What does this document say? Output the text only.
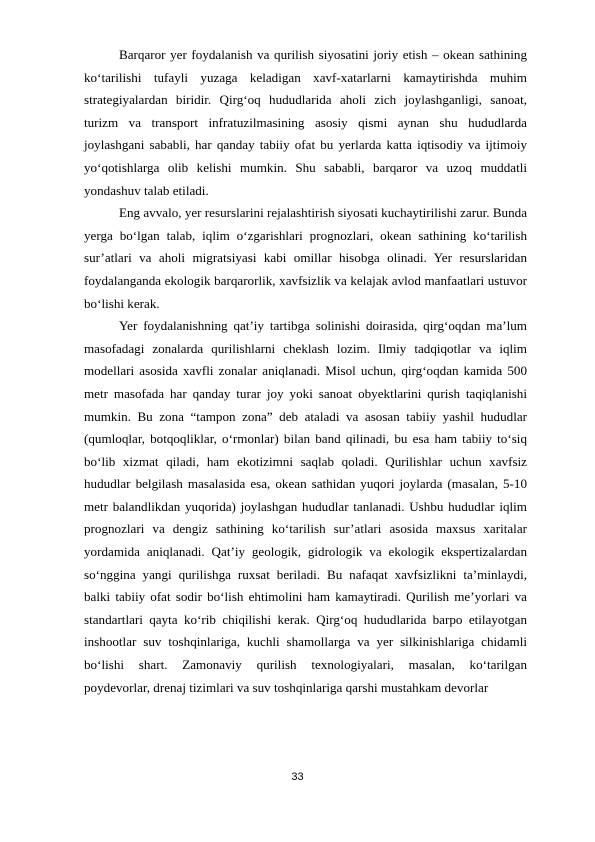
Barqaror yer foydalanish va qurilish siyosatini joriy etish – okean sathining ko‘tarilishi tufayli yuzaga keladigan xavf-xatarlarni kamaytirishda muhim strategiyalardan biridir. Qirg‘oq hududlarida aholi zich joylashganligi, sanoat, turizm va transport infratuzilmasining asosiy qismi aynan shu hududlarda joylashgani sababli, har qanday tabiiy ofat bu yerlarda katta iqtisodiy va ijtimoiy yo‘qotishlarga olib kelishi mumkin. Shu sababli, barqaror va uzoq muddatli yondashuv talab etiladi.

Eng avvalo, yer resurslarini rejalashtirish siyosati kuchaytirilishi zarur. Bunda yerga bo‘lgan talab, iqlim o‘zgarishlari prognozlari, okean sathining ko‘tarilish sur’atlari va aholi migratsiyasi kabi omillar hisobga olinadi. Yer resurslaridan foydalanganda ekologik barqarorlik, xavfsizlik va kelajak avlod manfaatlari ustuvor bo‘lishi kerak.

Yer foydalanishning qat’iy tartibga solinishi doirasida, qirg‘oqdan ma’lum masofadagi zonalarda qurilishlarni cheklash lozim. Ilmiy tadqiqotlar va iqlim modellari asosida xavfli zonalar aniqlanadi. Misol uchun, qirg‘oqdan kamida 500 metr masofada har qanday turar joy yoki sanoat obyektlarini qurish taqiqlanishi mumkin. Bu zona “tampon zona” deb ataladi va asosan tabiiy yashil hududlar (qumloqlar, botqoqliklar, o‘rmonlar) bilan band qilinadi, bu esa ham tabiiy to‘siq bo‘lib xizmat qiladi, ham ekotizimni saqlab qoladi. Qurilishlar uchun xavfsiz hududlar belgilash masalasida esa, okean sathidan yuqori joylarda (masalan, 5-10 metr balandlikdan yuqorida) joylashgan hududlar tanlanadi. Ushbu hududlar iqlim prognozlari va dengiz sathining ko‘tarilish sur’atlari asosida maxsus xaritalar yordamida aniqlanadi. Qat’iy geologik, gidrologik va ekologik ekspertizalardan so‘nggina yangi qurilishga ruxsat beriladi. Bu nafaqat xavfsizlikni ta’minlaydi, balki tabiiy ofat sodir bo‘lish ehtimolini ham kamaytiradi. Qurilish me’yorlari va standartlari qayta ko‘rib chiqilishi kerak. Qirg‘oq hududlarida barpo etilayotgan inshootlar suv toshqinlariga, kuchli shamollarga va yer silkinishlariga chidamli bo‘lishi shart. Zamonaviy qurilish texnologiyalari, masalan, ko‘tarilgan poydevorlar, drenaj tizimlari va suv toshqinlariga qarshi mustahkam devorlar

33
